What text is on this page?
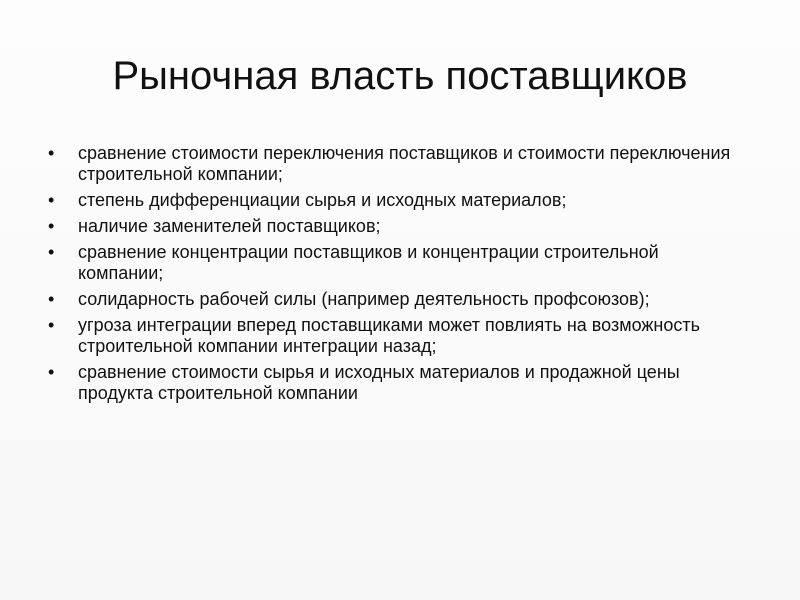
Рыночная власть поставщиков
• сравнение стоимости переключения поставщиков и стоимости переключения строительной компании;
• степень дифференциации сырья и исходных материалов;
• наличие заменителей поставщиков;
• сравнение концентрации поставщиков и концентрации строительной компании;
• солидарность рабочей силы (например деятельность профсоюзов);
• угроза интеграции вперед поставщиками может повлиять на возможность строительной компании интеграции назад;
• сравнение стоимости сырья и исходных материалов и продажной цены продукта строительной компании
